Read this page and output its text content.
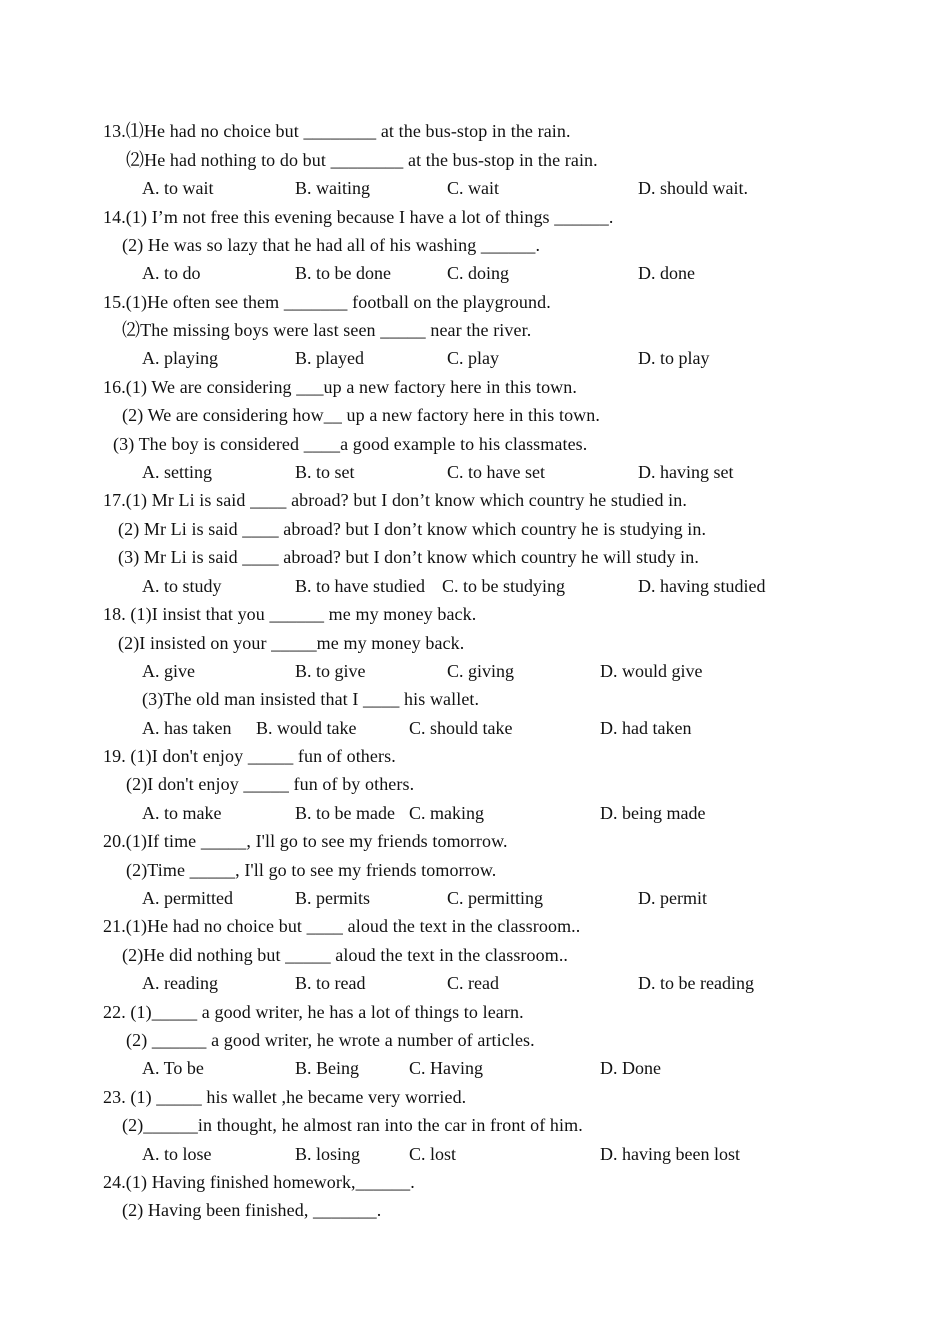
13.⑴He had no choice but ________ at the bus-stop in the rain.
⑵He had nothing to do but ________ at the bus-stop in the rain.
A. to wait	B. waiting	C. wait	D. should wait.
14.(1) I’m not free this evening because I have a lot of things ______.
(2) He was so lazy that he had all of his washing ______.
A. to do	B. to be done	C. doing	D. done
15.(1)He often see them _______ football on the playground.
⑵The missing boys were last seen _____ near the river.
A. playing	B. played	C. play	D. to play
16.(1) We are considering ___up a new factory here in this town.
(2) We are considering how__ up a new factory here in this town.
(3) The boy is considered ____a good example to his classmates.
A. setting	B. to set	C. to have set	D. having set
17.(1) Mr Li is said ____ abroad? but I don’t know which country he studied in.
(2) Mr Li is said ____ abroad? but I don’t know which country he is studying in.
(3) Mr Li is said ____ abroad? but I don’t know which country he will study in.
A. to study	B. to have studied C. to be studying	D. having studied
18. (1)I insist that you ______ me my money back.
(2)I insisted on your _____me my money back.
A. give	B. to give	C. giving	D. would give
(3)The old man insisted that I ____ his wallet.
A. has taken B. would take	C. should take	D. had taken
19. (1)I don't enjoy _____ fun of others.
(2)I don't enjoy _____ fun of by others.
A. to make	B. to be made C. making	D. being made
20.(1)If time _____, I'll go to see my friends tomorrow.
(2)Time _____, I'll go to see my friends tomorrow.
A. permitted	B. permits	C. permitting	D. permit
21.(1)He had no choice but ____ aloud the text in the classroom..
(2)He did nothing but _____ aloud the text in the classroom..
A. reading	B. to read	C. read	D. to be reading
22. (1)_____ a good writer, he has a lot of things to learn.
(2) ______ a good writer, he wrote a number of articles.
A. To be	B. Being	C. Having	D. Done
23. (1) _____ his wallet ,he became very worried.
(2)______in thought, he almost ran into the car in front of him.
A. to lose	B. losing	C. lost	D. having been lost
24.(1) Having finished homework,______.
(2) Having been finished, _______.
